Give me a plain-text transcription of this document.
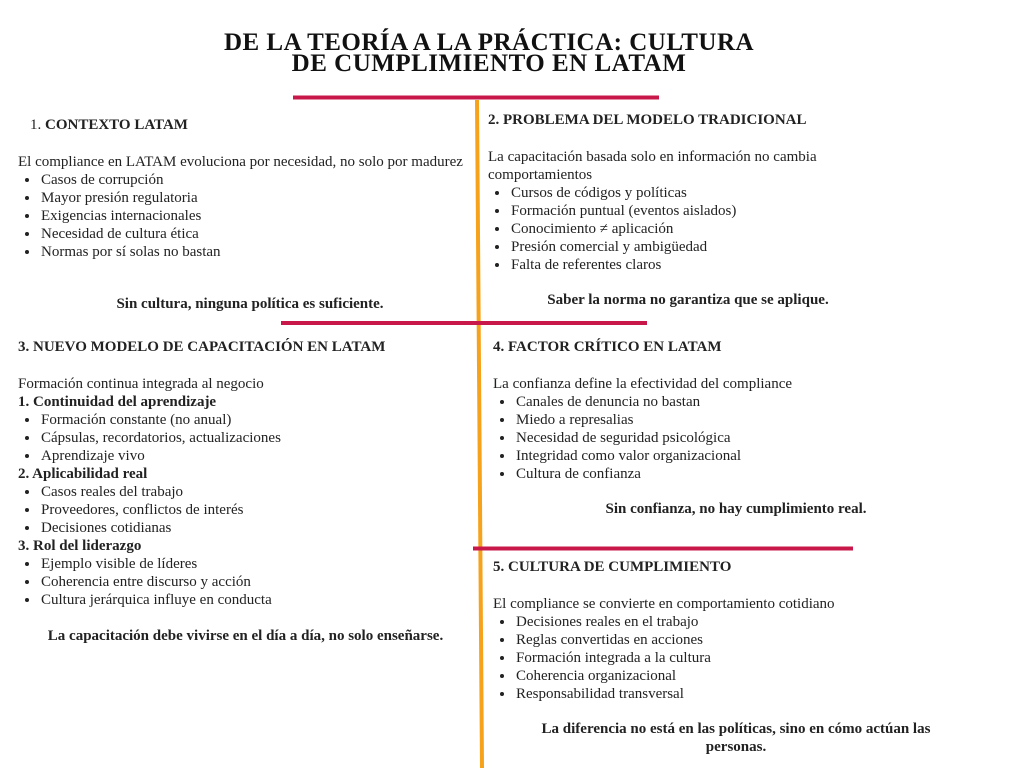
DE LA TEORÍA A LA PRÁCTICA: CULTURA
DE CUMPLIMIENTO EN LATAM
1. CONTEXTO LATAM

El compliance en LATAM evoluciona por necesidad, no solo por madurez

• Casos de corrupción
• Mayor presión regulatoria
• Exigencias internacionales
• Necesidad de cultura ética
• Normas por sí solas no bastan
Sin cultura, ninguna política es suficiente.
2. PROBLEMA DEL MODELO TRADICIONAL

La capacitación basada solo en información no cambia comportamientos

• Cursos de códigos y políticas
• Formación puntual (eventos aislados)
• Conocimiento ≠ aplicación
• Presión comercial y ambigüedad
• Falta de referentes claros
Saber la norma no garantiza que se aplique.
3. NUEVO MODELO DE CAPACITACIÓN EN LATAM

Formación continua integrada al negocio

1. Continuidad del aprendizaje
• Formación constante (no anual)
• Cápsulas, recordatorios, actualizaciones
• Aprendizaje vivo
2. Aplicabilidad real
• Casos reales del trabajo
• Proveedores, conflictos de interés
• Decisiones cotidianas
3. Rol del liderazgo
• Ejemplo visible de líderes
• Coherencia entre discurso y acción
• Cultura jerárquica influye en conducta
La capacitación debe vivirse en el día a día, no solo enseñarse.
4. FACTOR CRÍTICO EN LATAM

La confianza define la efectividad del compliance

• Canales de denuncia no bastan
• Miedo a represalias
• Necesidad de seguridad psicológica
• Integridad como valor organizacional
• Cultura de confianza
Sin confianza, no hay cumplimiento real.
5. CULTURA DE CUMPLIMIENTO

El compliance se convierte en comportamiento cotidiano

• Decisiones reales en el trabajo
• Reglas convertidas en acciones
• Formación integrada a la cultura
• Coherencia organizacional
• Responsabilidad transversal
La diferencia no está en las políticas, sino en cómo actúan las personas.
